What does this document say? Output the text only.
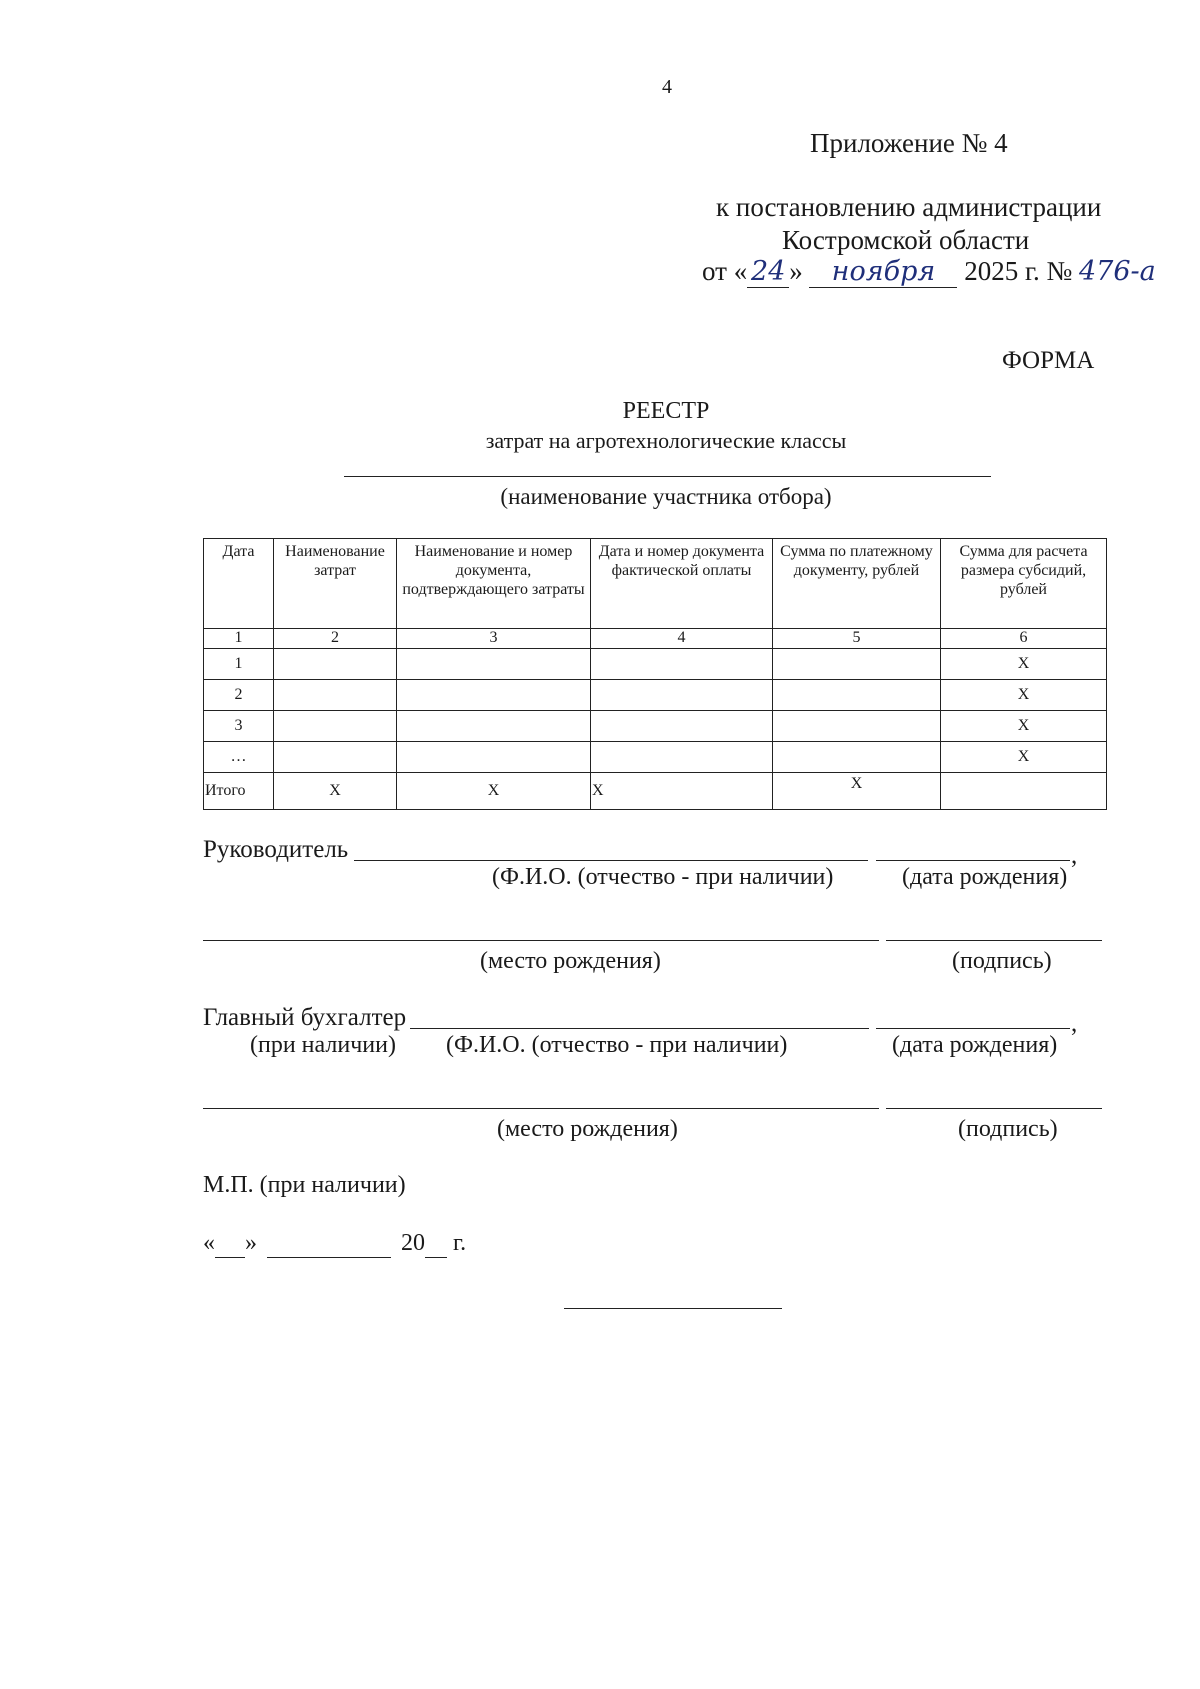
4
Приложение № 4
к постановлению администрации
Костромской области
от « 24 » ноября 2025 г. № 476-а
ФОРМА
РЕЕСТР
затрат на агротехнологические классы
(наименование участника отбора)
Дата	Наименование затрат	Наименование и номер документа, подтверждающего затраты	Дата и номер документа фактической оплаты	Сумма по платежному документу, рублей	Сумма для расчета размера субсидий, рублей
1	2	3	4	5	6
1					Х
2					Х
3					Х
…					Х
Итого	Х	Х	Х	Х	
Руководитель	,
(Ф.И.О. (отчество - при наличии)	(дата рождения)
(место рождения)	(подпись)
Главный бухгалтер	,
(при наличии) (Ф.И.О. (отчество - при наличии)	(дата рождения)
(место рождения)	(подпись)
М.П. (при наличии)
« »	20 г.
